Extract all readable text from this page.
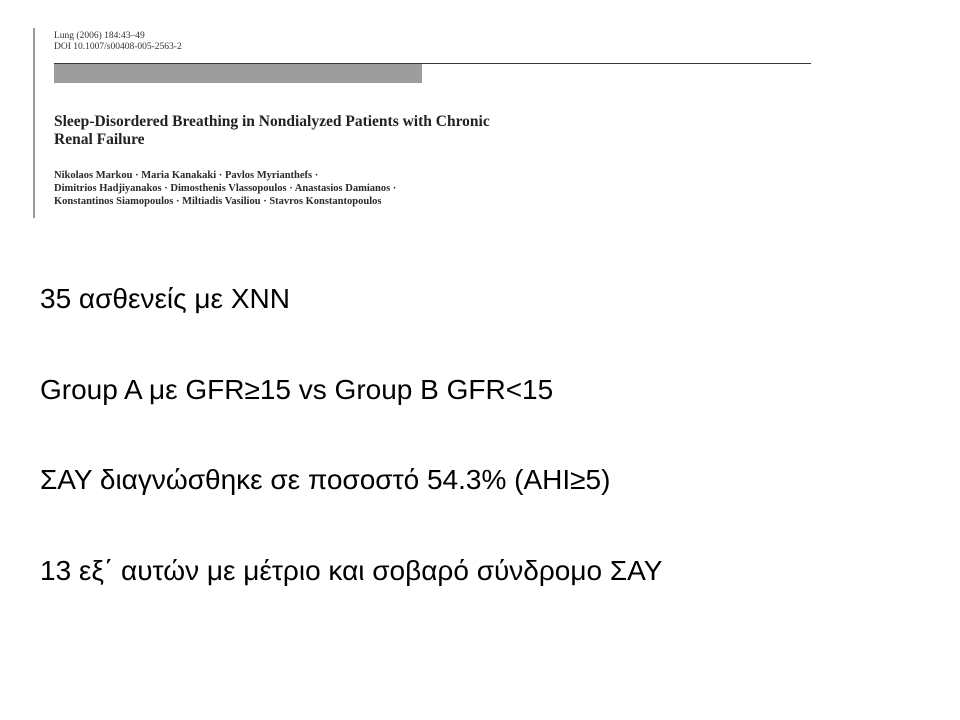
Lung (2006) 184:43–49
DOI 10.1007/s00408-005-2563-2
Sleep-Disordered Breathing in Nondialyzed Patients with Chronic
Renal Failure
Nikolaos Markou · Maria Kanakaki · Pavlos Myrianthefs ·
Dimitrios Hadjiyanakos · Dimosthenis Vlassopoulos · Anastasios Damianos ·
Konstantinos Siamopoulos · Miltiadis Vasiliou · Stavros Konstantopoulos
35 ασθενείς με ΧΝΝ
Group A με GFR≥15 vs Group B GFR<15
ΣΑΥ διαγνώσθηκε σε ποσοστό 54.3% (AHI≥5)
13 εξ΄ αυτών με μέτριο και σοβαρό σύνδρομο ΣΑΥ
